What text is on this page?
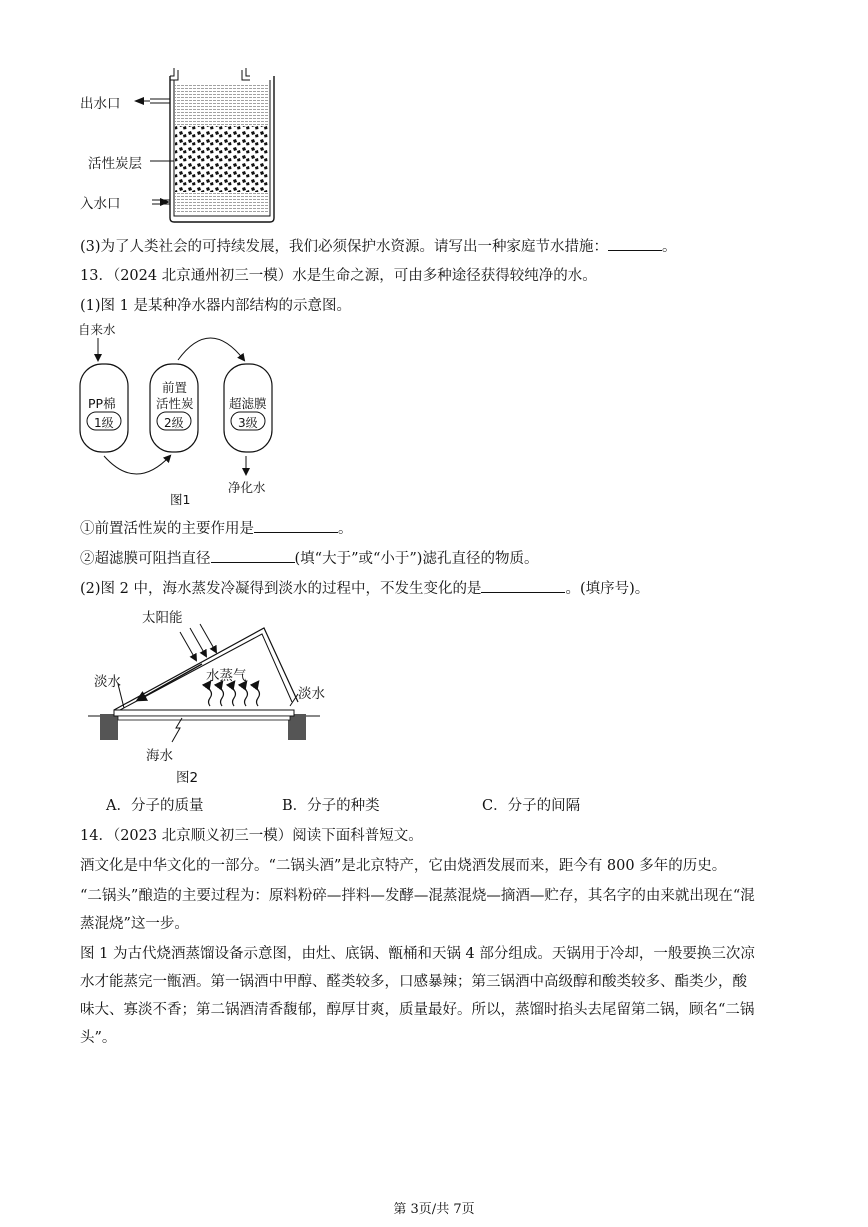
出水口
活性炭层
入水口
(3)为了人类社会的可持续发展，我们必须保护水资源。请写出一种家庭节水措施：	。
13．（2024 北京通州初三一模）水是生命之源，可由多种途径获得较纯净的水。
(1)图 1 是某种净水器内部结构的示意图。
自来水
PP棉
1级
前置
活性炭
2级
超滤膜
3级
净化水
图1
①前置活性炭的主要作用是	。
②超滤膜可阻挡直径	(填“大于”或“小于”)滤孔直径的物质。
(2)图 2 中，海水蒸发冷凝得到淡水的过程中，不发生变化的是	。(填序号)。
太阳能
淡水	水蒸气
淡水
海水
图2
A．分子的质量	B．分子的种类	C．分子的间隔
14．（2023 北京顺义初三一模）阅读下面科普短文。
酒文化是中华文化的一部分。“二锅头酒”是北京特产，它由烧酒发展而来，距今有 800 多年的历史。
“二锅头”酿造的主要过程为：原料粉碎—拌料—发酵—混蒸混烧—摘酒—贮存，其名字的由来就出现在“混
蒸混烧”这一步。
图 1 为古代烧酒蒸馏设备示意图，由灶、底锅、甑桶和天锅 4 部分组成。天锅用于冷却，一般要换三次凉
水才能蒸完一甑酒。第一锅酒中甲醇、醛类较多，口感暴辣；第三锅酒中高级醇和酸类较多、酯类少，酸
味大、寡淡不香；第二锅酒清香馥郁，醇厚甘爽，质量最好。所以，蒸馏时掐头去尾留第二锅，顾名“二锅
头”。
第 3页/共 7页
